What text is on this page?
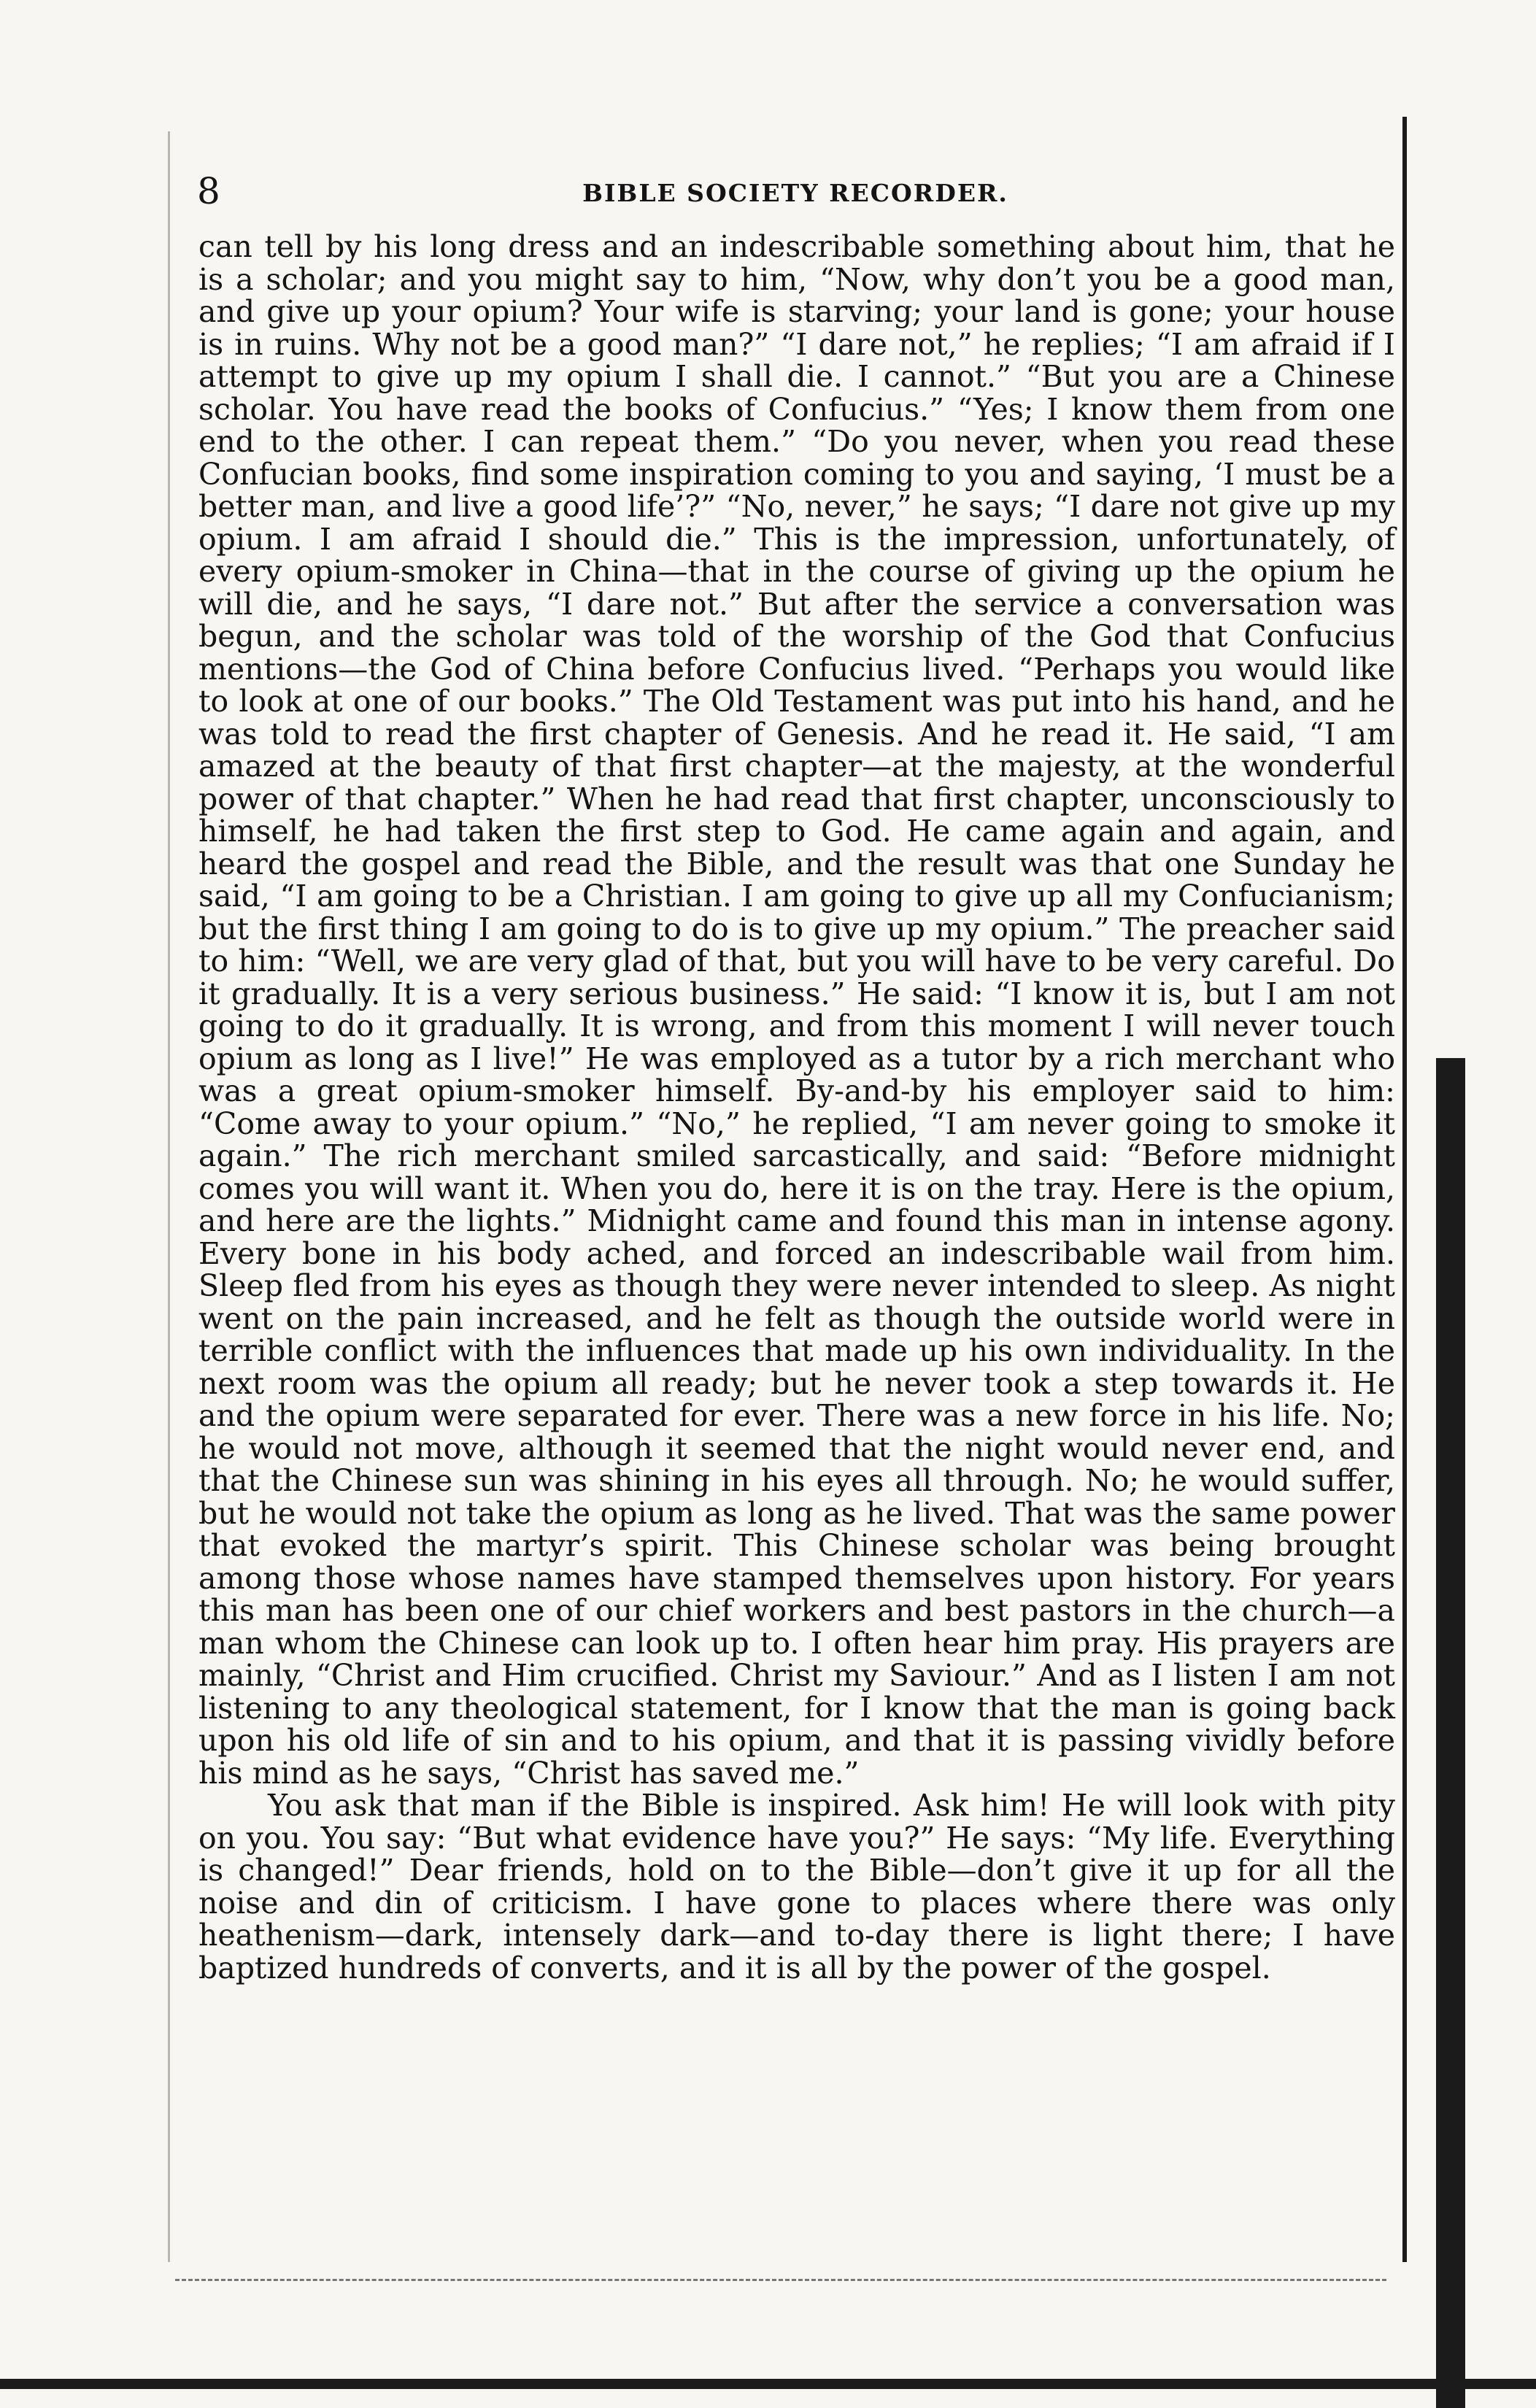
8	BIBLE SOCIETY RECORDER.

can tell by his long dress and an indescribable something about him, that he is a scholar; and you might say to him, “Now, why don’t you be a good man, and give up your opium? Your wife is starving; your land is gone; your house is in ruins. Why not be a good man?” “I dare not,” he replies; “I am afraid if I attempt to give up my opium I shall die. I cannot.” “But you are a Chinese scholar. You have read the books of Confucius.” “Yes; I know them from one end to the other. I can repeat them.” “Do you never, when you read these Confucian books, find some inspiration coming to you and saying, ‘I must be a better man, and live a good life’?” “No, never,” he says; “I dare not give up my opium. I am afraid I should die.” This is the impression, unfortunately, of every opium-smoker in China—that in the course of giving up the opium he will die, and he says, “I dare not.” But after the service a conversation was begun, and the scholar was told of the worship of the God that Confucius mentions—the God of China before Confucius lived. “Perhaps you would like to look at one of our books.” The Old Testament was put into his hand, and he was told to read the first chapter of Genesis. And he read it. He said, “I am amazed at the beauty of that first chapter—at the majesty, at the wonderful power of that chapter.” When he had read that first chapter, unconsciously to himself, he had taken the first step to God. He came again and again, and heard the gospel and read the Bible, and the result was that one Sunday he said, “I am going to be a Christian. I am going to give up all my Confucianism; but the first thing I am going to do is to give up my opium.” The preacher said to him: “Well, we are very glad of that, but you will have to be very careful. Do it gradually. It is a very serious business.” He said: “I know it is, but I am not going to do it gradually. It is wrong, and from this moment I will never touch opium as long as I live!” He was employed as a tutor by a rich merchant who was a great opium-smoker himself. By-and-by his employer said to him: “Come away to your opium.” “No,” he replied, “I am never going to smoke it again.” The rich merchant smiled sarcastically, and said: “Before midnight comes you will want it. When you do, here it is on the tray. Here is the opium, and here are the lights.” Midnight came and found this man in intense agony. Every bone in his body ached, and forced an indescribable wail from him. Sleep fled from his eyes as though they were never intended to sleep. As night went on the pain increased, and he felt as though the outside world were in terrible conflict with the influences that made up his own individuality. In the next room was the opium all ready; but he never took a step towards it. He and the opium were separated for ever. There was a new force in his life. No; he would not move, although it seemed that the night would never end, and that the Chinese sun was shining in his eyes all through. No; he would suffer, but he would not take the opium as long as he lived. That was the same power that evoked the martyr’s spirit. This Chinese scholar was being brought among those whose names have stamped themselves upon history. For years this man has been one of our chief workers and best pastors in the church—a man whom the Chinese can look up to. I often hear him pray. His prayers are mainly, “Christ and Him crucified. Christ my Saviour.” And as I listen I am not listening to any theological statement, for I know that the man is going back upon his old life of sin and to his opium, and that it is passing vividly before his mind as he says, “Christ has saved me.”

You ask that man if the Bible is inspired. Ask him! He will look with pity on you. You say: “But what evidence have you?” He says: “My life. Everything is changed!” Dear friends, hold on to the Bible—don’t give it up for all the noise and din of criticism. I have gone to places where there was only heathenism—dark, intensely dark—and to-day there is light there; I have baptized hundreds of converts, and it is all by the power of the gospel.
